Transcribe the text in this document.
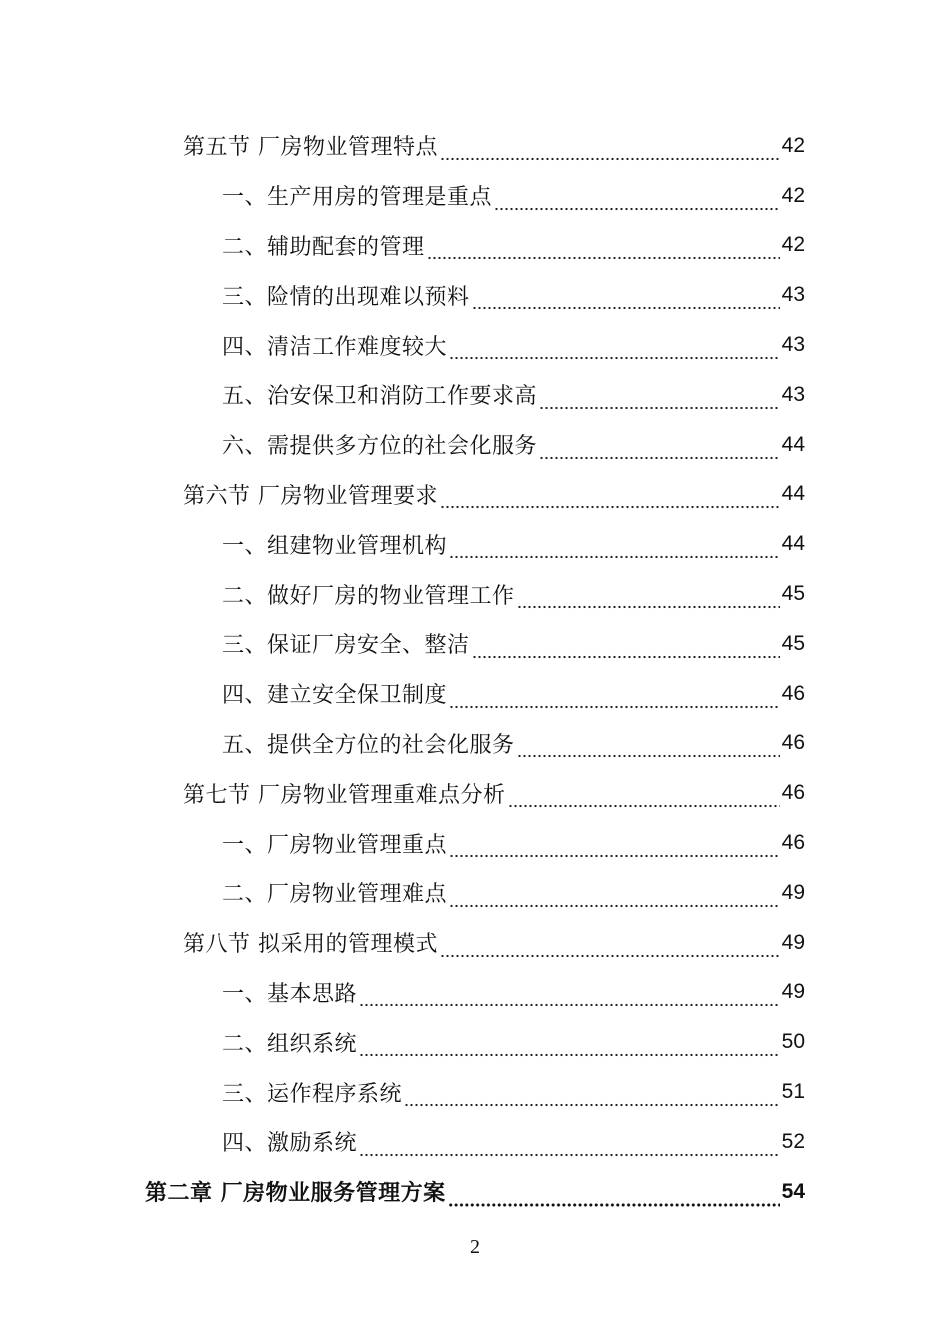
第五节 厂房物业管理特点	42
一、生产用房的管理是重点	42
二、辅助配套的管理	42
三、险情的出现难以预料	43
四、清洁工作难度较大	43
五、治安保卫和消防工作要求高	43
六、需提供多方位的社会化服务	44
第六节 厂房物业管理要求	44
一、组建物业管理机构	44
二、做好厂房的物业管理工作	45
三、保证厂房安全、整洁	45
四、建立安全保卫制度	46
五、提供全方位的社会化服务	46
第七节 厂房物业管理重难点分析	46
一、厂房物业管理重点	46
二、厂房物业管理难点	49
第八节 拟采用的管理模式	49
一、基本思路	49
二、组织系统	50
三、运作程序系统	51
四、激励系统	52
第二章 厂房物业服务管理方案	54
2
